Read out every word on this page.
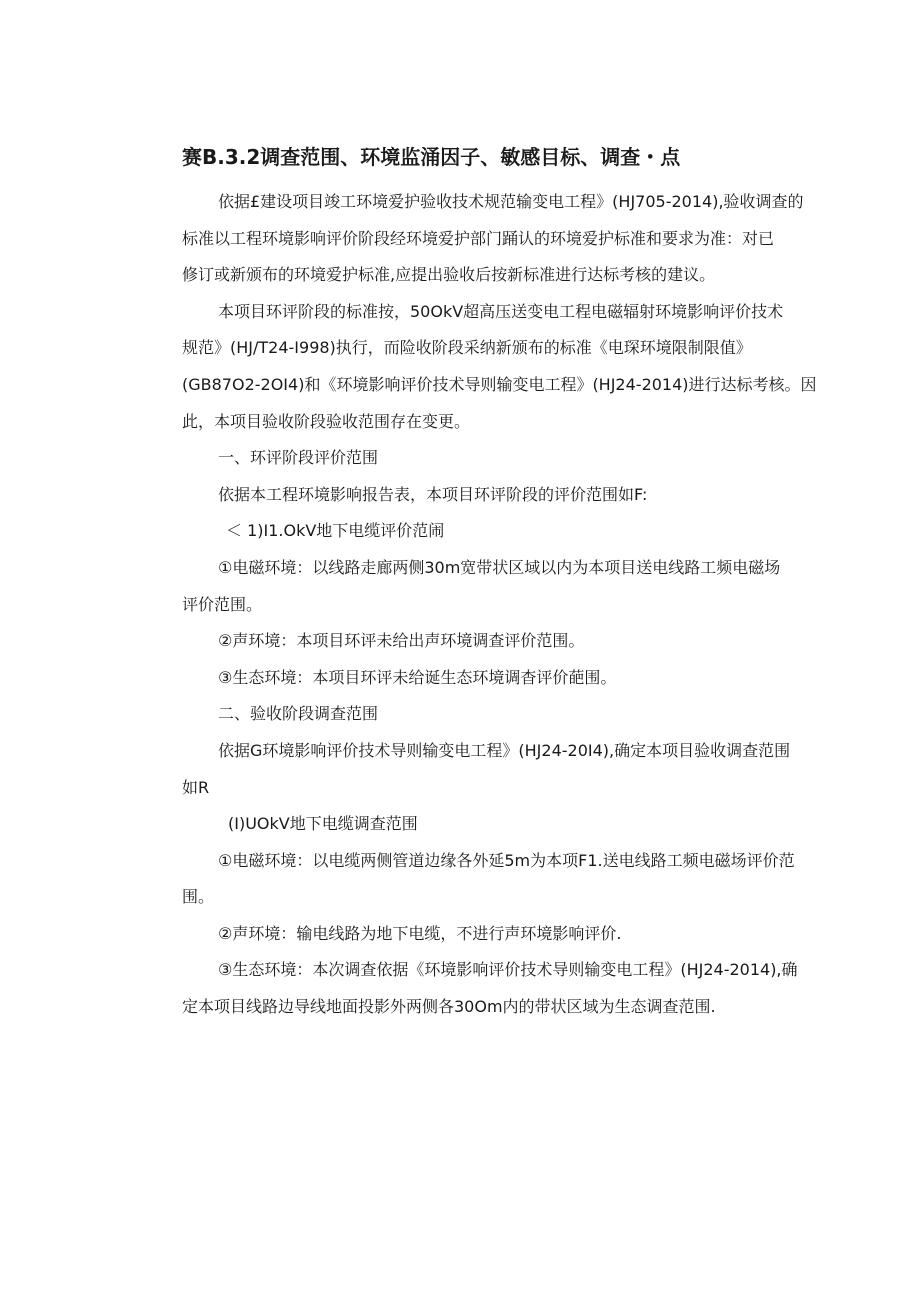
赛B.3.2调查范围、环境监涌因子、敏感目标、调查・点
依据£建设项目竣工环境爱护验收技术规范输变电工程》(HJ705-2014),验收调查的
标准以工程环境影响评价阶段经环境爱护部门踊认的环境爱护标准和要求为准：对已
修订或新颁布的环境爱护标准,应提出验收后按新标准进行达标考核的建议。
本项目环评阶段的标准按，50OkV超高压送变电工程电磁辐射环境影响评价技术
规范》(HJ/T24-I998)执行，而险收阶段采纳新颁布的标准《电琛环境限制限值》
(GB87O2-2OI4)和《环境影响评价技术导则输变电工程》(HJ24-2014)进行达标考核。因
此，本项目验收阶段验收范围存在变更。
一、环评阶段评价范围
依据本工程环境影响报告表，本项目环评阶段的评价范围如F:
＜ 1)I1.OkV地下电缆评价范闹
①电磁环境：以线路走廊两侧30m宽带状区域以内为本项目送电线路工频电磁场
评价范围。
②声环境：本项目环评未给出声环境调查评价范围。
③生态环境：本项目环评未给诞生态环境调杳评价葩围。
二、验收阶段调查范围
依据G环境影响评价技术导则输变电工程》(HJ24-20I4),确定本项目验收调查范围
如R
(I)UOkV地下电缆调查范围
①电磁环境：以电缆两侧管道边缘各外延5m为本项F1.送电线路工频电磁场评价范
围。
②声环境：输电线路为地下电缆，不进行声环境影响评价.
③生态环境：本次调查依据《环境影响评价技术导则输变电工程》(HJ24-2014),确
定本项目线路边导线地面投影外两侧各30Om内的带状区域为生态调查范围.
